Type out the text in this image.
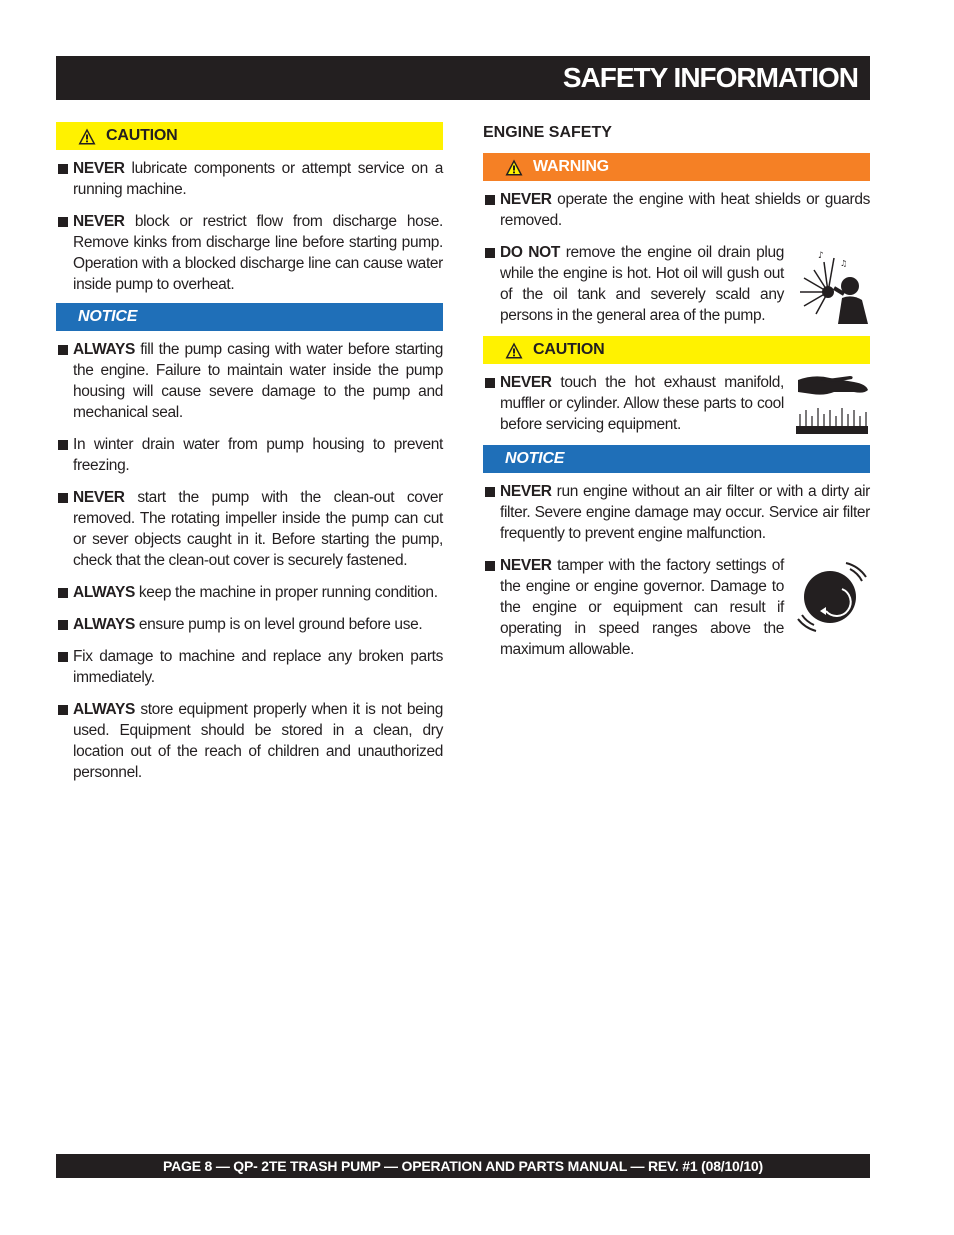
SAFETY INFORMATION
CAUTION
NEVER lubricate components or attempt service on a running machine.
NEVER block or restrict flow from discharge hose. Remove kinks from discharge line before starting pump. Operation with a blocked discharge line can cause water inside pump to overheat.
NOTICE
ALWAYS fill the pump casing with water before starting the engine. Failure to maintain water inside the pump housing will cause severe damage to the pump and mechanical seal.
In winter drain water from pump housing to prevent freezing.
NEVER start the pump with the clean-out cover removed. The rotating impeller inside the pump can cut or sever objects caught in it. Before starting the pump, check that the clean-out cover is securely fastened.
ALWAYS keep the machine in proper running condition.
ALWAYS ensure pump is on level ground before use.
Fix damage to machine and replace any broken parts immediately.
ALWAYS store equipment properly when it is not being used. Equipment should be stored in a clean, dry location out of the reach of children and unauthorized personnel.
ENGINE SAFETY
WARNING
NEVER operate the engine with heat shields or guards removed.
DO NOT remove the engine oil drain plug while the engine is hot. Hot oil will gush out of the oil tank and severely scald any persons in the general area of the pump.
♪
♫
CAUTION
NEVER touch the hot exhaust manifold, muffler or cylinder. Allow these parts to cool before servicing equipment.
NOTICE
NEVER run engine without an air filter or with a dirty air filter. Severe engine damage may occur. Service air filter frequently to prevent engine malfunction.
NEVER tamper with the factory settings of the engine or engine governor. Damage to the engine or equipment can result if operating in speed ranges above the maximum allowable.
PAGE 8 — QP- 2TE TRASH PUMP — OPERATION AND PARTS MANUAL — REV. #1 (08/10/10)
